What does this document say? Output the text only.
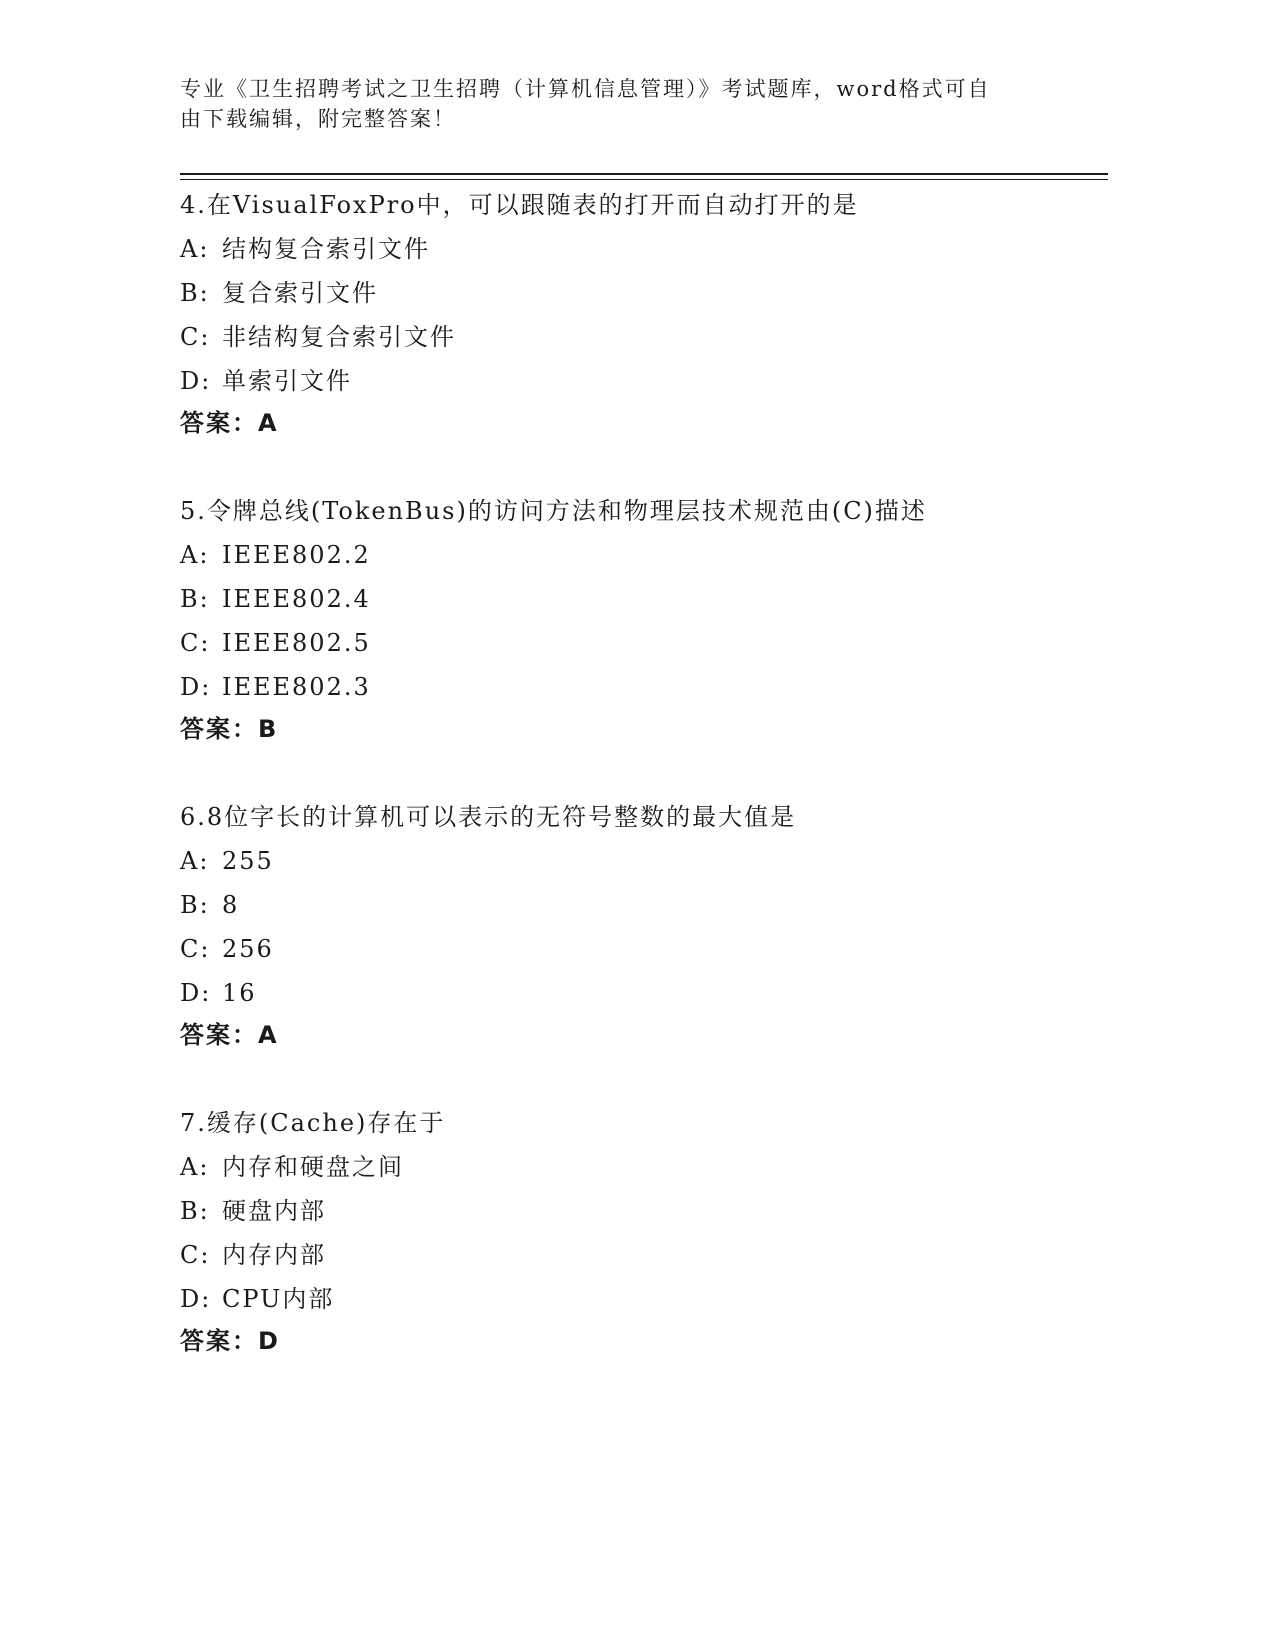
专业《卫生招聘考试之卫生招聘（计算机信息管理）》考试题库，word格式可自
由下载编辑，附完整答案！
4.在VisualFoxPro中，可以跟随表的打开而自动打开的是
A: 结构复合索引文件
B: 复合索引文件
C: 非结构复合索引文件
D: 单索引文件
答案：A
5.令牌总线(TokenBus)的访问方法和物理层技术规范由(C)描述
A: IEEE802.2
B: IEEE802.4
C: IEEE802.5
D: IEEE802.3
答案：B
6.8位字长的计算机可以表示的无符号整数的最大值是
A: 255
B: 8
C: 256
D: 16
答案：A
7.缓存(Cache)存在于
A: 内存和硬盘之间
B: 硬盘内部
C: 内存内部
D: CPU内部
答案：D
